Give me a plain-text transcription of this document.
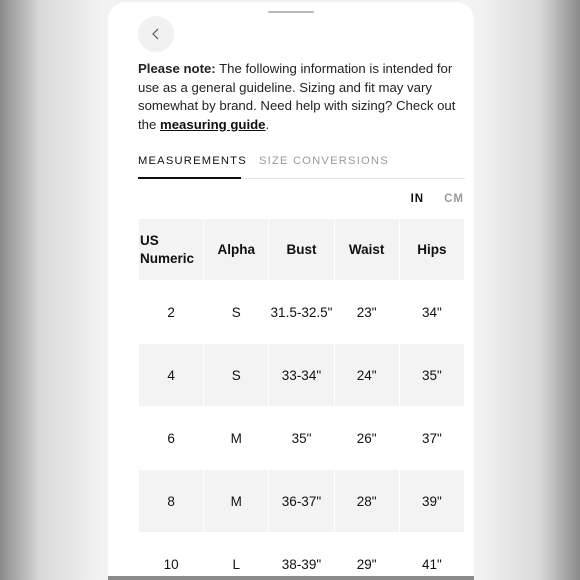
Please note: The following information is intended for use as a general guideline. Sizing and fit may vary somewhat by brand. Need help with sizing? Check out the measuring guide.

MEASUREMENTS SIZE CONVERSIONS
IN CM
US Numeric	Alpha	Bust	Waist	Hips
2	S	31.5-32.5"	23"	34"
4	S	33-34"	24"	35"
6	M	35"	26"	37"
8	M	36-37"	28"	39"
10	L	38-39"	29"	41"
